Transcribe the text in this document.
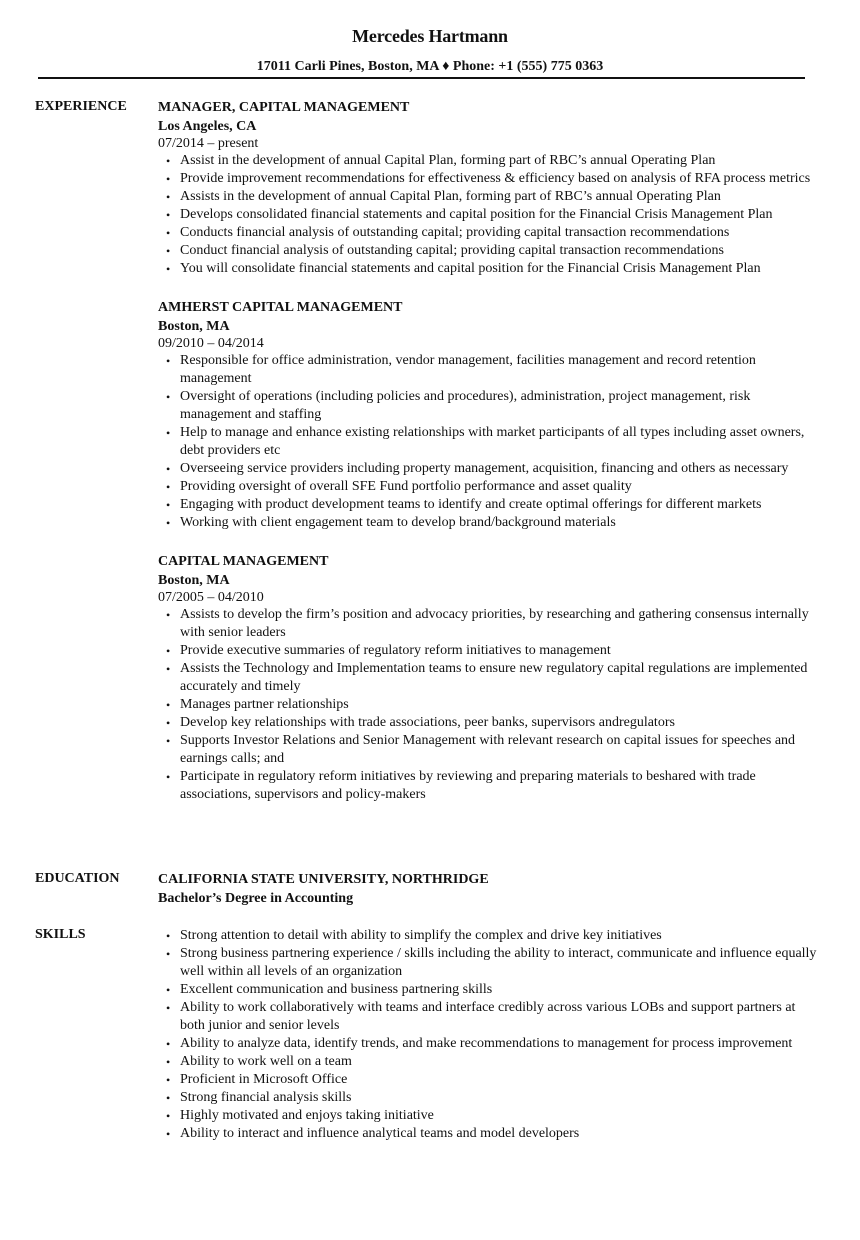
Mercedes Hartmann
17011 Carli Pines, Boston, MA ♦ Phone: +1 (555) 775 0363
EXPERIENCE MANAGER, CAPITAL MANAGEMENT
Los Angeles, CA
07/2014 – present
• Assist in the development of annual Capital Plan, forming part of RBC’s annual Operating Plan
• Provide improvement recommendations for effectiveness & efficiency based on analysis of RFA process metrics
• Assists in the development of annual Capital Plan, forming part of RBC’s annual Operating Plan
• Develops consolidated financial statements and capital position for the Financial Crisis Management Plan
• Conducts financial analysis of outstanding capital; providing capital transaction recommendations
• Conduct financial analysis of outstanding capital; providing capital transaction recommendations
• You will consolidate financial statements and capital position for the Financial Crisis Management Plan
AMHERST CAPITAL MANAGEMENT
Boston, MA
09/2010 – 04/2014
• Responsible for office administration, vendor management, facilities management and record retention management
• Oversight of operations (including policies and procedures), administration, project management, risk management and staffing
• Help to manage and enhance existing relationships with market participants of all types including asset owners, debt providers etc
• Overseeing service providers including property management, acquisition, financing and others as necessary
• Providing oversight of overall SFE Fund portfolio performance and asset quality
• Engaging with product development teams to identify and create optimal offerings for different markets
• Working with client engagement team to develop brand/background materials
CAPITAL MANAGEMENT
Boston, MA
07/2005 – 04/2010
• Assists to develop the firm’s position and advocacy priorities, by researching and gathering consensus internally with senior leaders
• Provide executive summaries of regulatory reform initiatives to management
• Assists the Technology and Implementation teams to ensure new regulatory capital regulations are implemented accurately and timely
• Manages partner relationships
• Develop key relationships with trade associations, peer banks, supervisors andregulators
• Supports Investor Relations and Senior Management with relevant research on capital issues for speeches and earnings calls; and
• Participate in regulatory reform initiatives by reviewing and preparing materials to beshared with trade associations, supervisors and policy-makers
EDUCATION	CALIFORNIA STATE UNIVERSITY, NORTHRIDGE
Bachelor’s Degree in Accounting
SKILLS	• Strong attention to detail with ability to simplify the complex and drive key initiatives
• Strong business partnering experience / skills including the ability to interact, communicate and influence equally well within all levels of an organization
• Excellent communication and business partnering skills
• Ability to work collaboratively with teams and interface credibly across various LOBs and support partners at both junior and senior levels
• Ability to analyze data, identify trends, and make recommendations to management for process improvement
• Ability to work well on a team
• Proficient in Microsoft Office
• Strong financial analysis skills
• Highly motivated and enjoys taking initiative
• Ability to interact and influence analytical teams and model developers
